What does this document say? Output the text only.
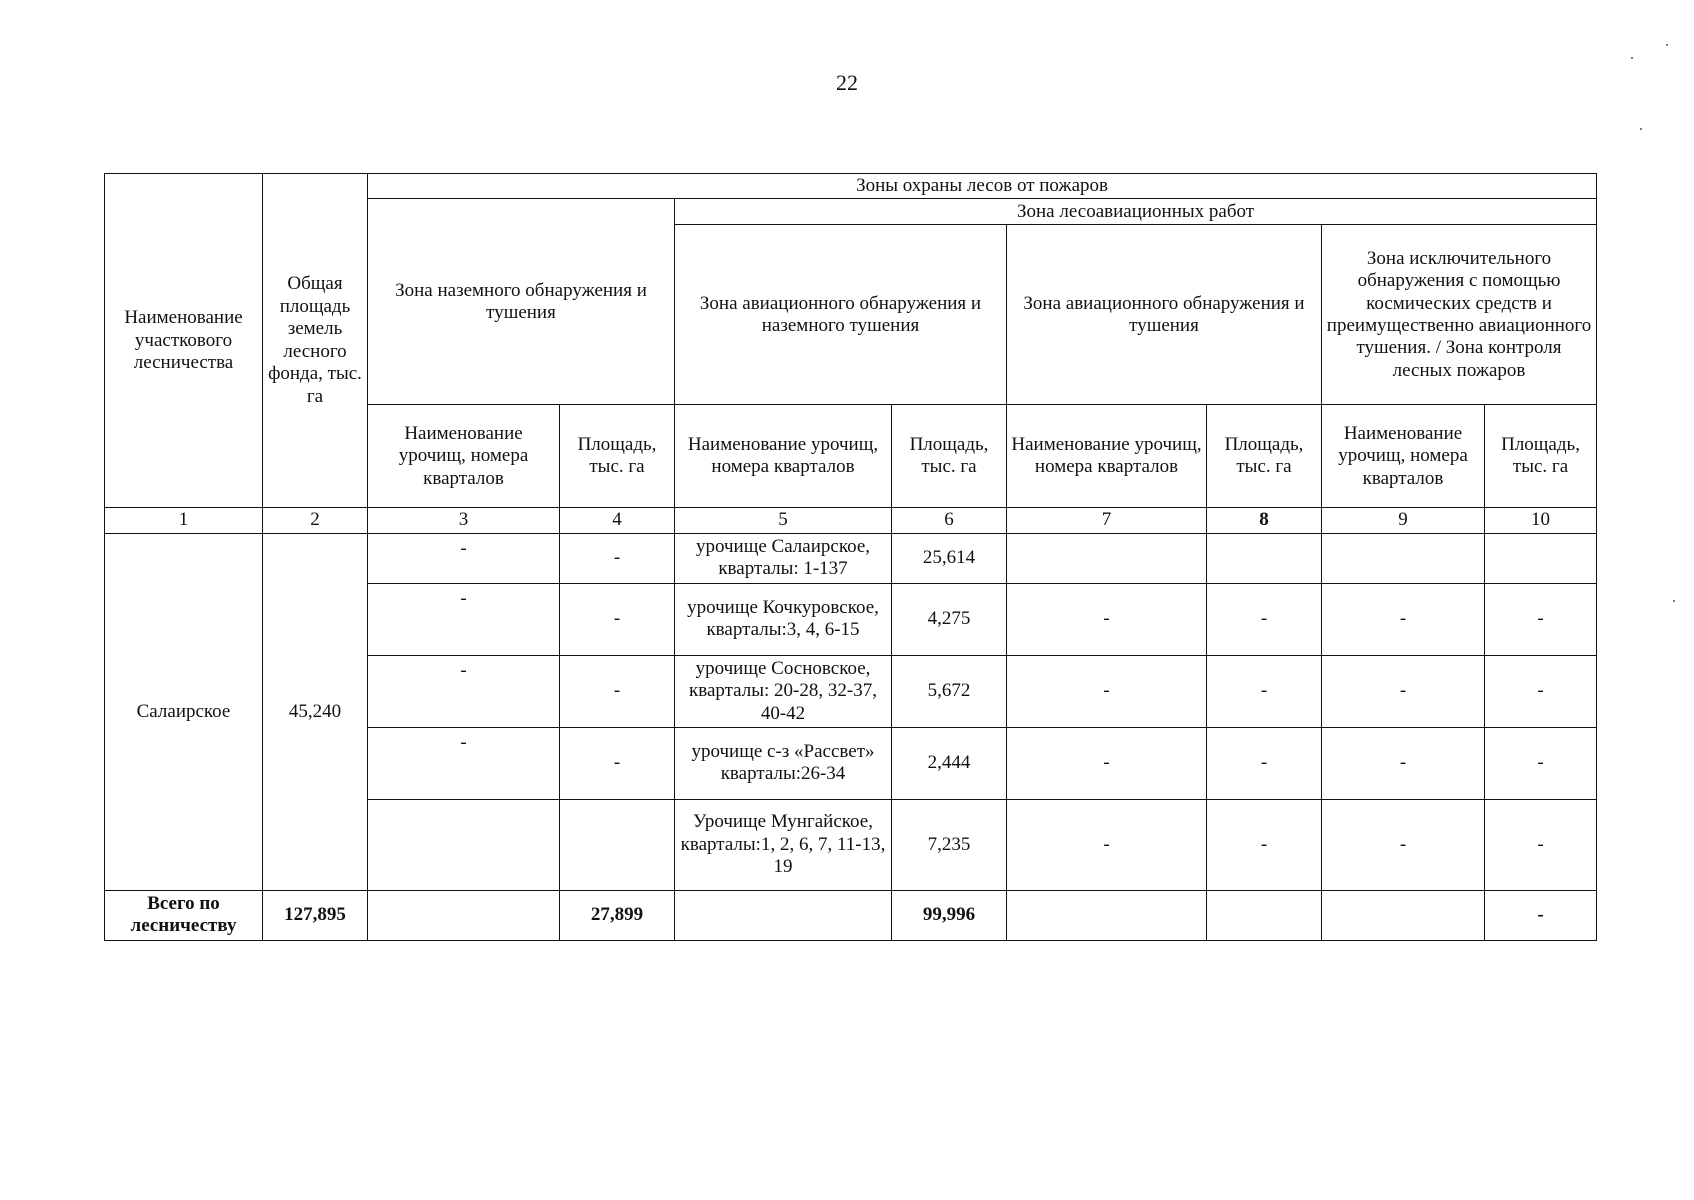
22
Наименование участкового лесничества	Общая площадь земель лесного фонда, тыс. га	Зоны охраны лесов от пожаров							
		Зона наземного обнаружения и тушения		Зона лесоавиационных работ					
				Зона авиационного обнаружения и наземного тушения		Зона авиационного обнаружения и тушения		Зона исключительного обнаружения с помощью космических средств и преимущественно авиационного тушения. / Зона контроля лесных пожаров	
		Наименование урочищ, номера кварталов	Площадь, тыс. га	Наименование урочищ, номера кварталов	Площадь, тыс. га	Наименование урочищ, номера кварталов	Площадь, тыс. га	Наименование урочищ, номера кварталов	Площадь, тыс. га
1	2	3	4	5	6	7	8	9	10
Салаирское	45,240	-	-	урочище Салаирское, кварталы: 1-137	25,614				
		-	-	урочище Кочкуровское, кварталы:3, 4, 6-15	4,275	-	-	-	-
		-	-	урочище Сосновское, кварталы: 20-28, 32-37, 40-42	5,672	-	-	-	-
		-	-	урочище с-з «Рассвет» кварталы:26-34	2,444	-	-	-	-
				Урочище Мунгайское, кварталы:1, 2, 6, 7, 11-13, 19	7,235	-	-	-	-
Всего по лесничеству	127,895		27,899		99,996				-
